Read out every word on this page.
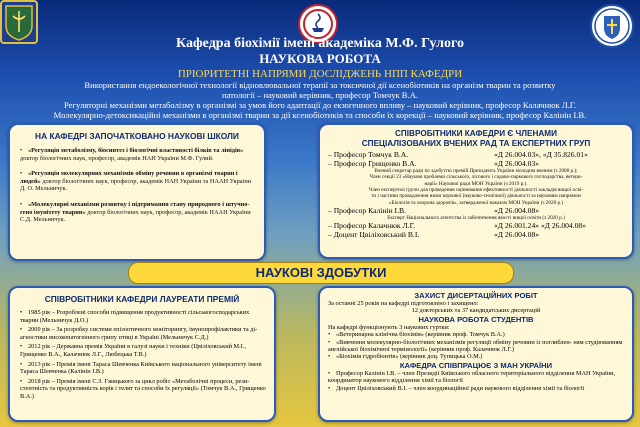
Кафедра біохімії імені академіка М.Ф. Гулого
НАУКОВА РОБОТА
ПРІОРИТЕТНІ НАПРЯМИ ДОСЛІДЖЕНЬ НПП КАФЕДРИ
Використання ендоекологічної технології відновлювальної терапії за токсичної дії ксенобіотиків на організм тварин та розвитку
патології – науковий керівник, професор Томчук В.А.
Регуляторні механізми метаболізму в організмі за умов його адаптації до екзогенного впливу – науковий керівник, професор Калачнюк Л.Г.
Молекулярно-детоксикаційні механізми в організмі тварин за дії ксенобіотиків та способи їх корекції – науковий керівник, професор Калінін І.В.
НА КАФЕДРІ ЗАПОЧАТКОВАНО НАУКОВІ ШКОЛИ
• «Регуляція метаболізму, біосинтез і біологічні властивості білків та лінідів» доктор біологічних наук, професор, академік НАН України М.Ф. Гулий.
• «Регуляція молекулярних механізмів обміну речовин в організмі тварин і людей» доктор біологічних наук, професор, академік НАН України та НААН України Д. О. Мельничук.
• «Молекулярні механізми розвитку і підтримання стану природного і штучно- гено імунітету тварин» доктор біологічних наук, професор, академік НААН України С.Д. Мельничук.
СПІВРОБІТНИКИ КАФЕДРИ Є ЧЛЕНАМИ
СПЕЦІАЛІЗОВАНИХ ВЧЕНИХ РАД ТА ЕКСПЕРТНИХ ГРУП
– Професор Томчук В.А.	«Д 26.004.03», «Д 35.826.01»
– Професор Грищенко В.А.	«Д 26.004.03»
Вчений секретар ради по здобуттю премій Президента України молодим вченим (з 2008 р.);
Член секції 23 «Науковi проблеми сільського, лісового і садово-паркового господарства, ветери-
нарії» Наукової ради МОН України (з 2019 р.).
Член експертної групи для проведення оцінювання ефективності діяльності закладів вищої осві-
ти і частини провадження ними наукової (науково-технічної) діяльності за науковим напрямом
«Біологія та охорона здоров'я», затвердженої наказом МОН України (з 2020 р.)
– Професор Калінін І.В.	«Д 26.004.08»
Експерт Національного агентства із забезпечення якості вищої освіти (з 2020 р.)
– Професор Калачнюк Л.Г.	«Д 26.001.24» «Д 26.004.08»
– Доцент Цвіліховський В.І.	«Д 26.004.08»
НАУКОВІ ЗДОБУТКИ
СПІВРОБІТНИКИ КАФЕДРИ ЛАУРЕАТИ ПРЕМІЙ
• 1985 рік – Розроблені способи підвищення продуктивності сільськогосподарських тварин (Мельничук Д.О.)
• 2009 рік – За розробку системи епізоотичного моніторингу, імунопрофілактики та ді- агностики високопатогенного грипу птиці в Україні (Мельничук С.Д.)
• 2012 рік – Державна премія України в галузі науки і техніки (Цвіліховський М.І., Грищенко В.А., Калачнюк Л.Г., Любецька Т.В.)
• 2013 рік – Премія імені Тараса Шевченка Київського національного університету імені Тараса Шевченка (Калінін І.В.)
• 2018 рік – Премія імені С.З. Гжицького за цикл робіт «Метаболічні процеси, рези- стентність та продуктивність корів і телят та способи їх регуляції» (Томчук В.А., Грищенко В.А.)
ЗАХИСТ ДИСЕРТАЦІЙНИХ РОБІТ
За останні 25 років на кафедрі підготовлено і захищено:
12 докторських та 37 кандидатських дисертацій
НАУКОВА РОБОТА СТУДЕНТІВ
На кафедрі функціонують 3 наукових гуртки:
• «Ветеринарна клінічна біохімія» (керівник проф. Томчук В.А.)
• «Вивчення молекулярно-біологічних механізмів регуляції обміну речовин із поглиблен- ням студіюванням англійської біохімічної термінології» (керівник проф. Калачнюк Л.Г.)
• «Біохімія гідробіонтів» (керівник доц. Тупицька О.М.)
КАФЕДРА СПІВПРАЦЮЄ З МАН УКРАЇНИ
• Професор Калінін І.В. – член Президії Київського обласного територіального відділення МАН України, координатор наукового відділення хімії та біології
• Доцент Цвіліховський В.І. – член координаційної ради наукового відділення хімії та біології
